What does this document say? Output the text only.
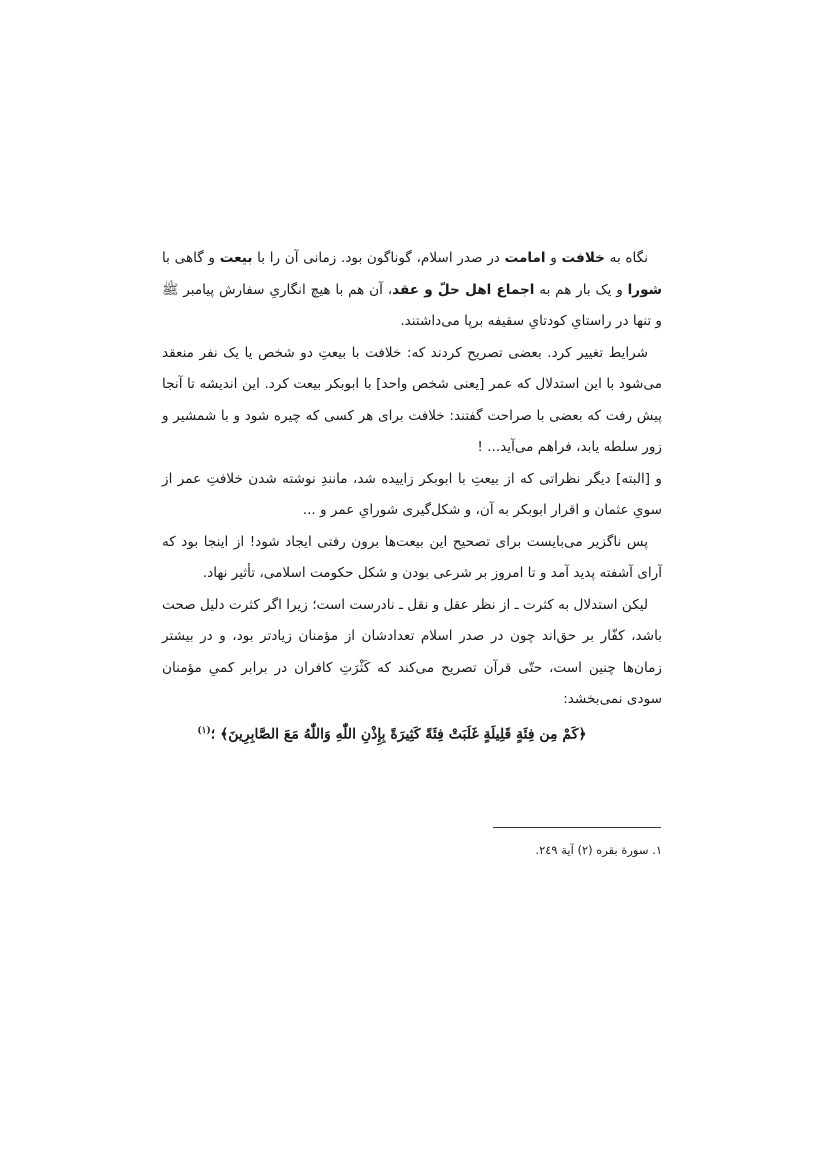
نگاه به خلافت و امامت در صدر اسلام، گوناگون بود. زمانی آن را با بیعت و گاهی با شورا و یک بار هم به اجماع اهل حلّ و عقد، آن هم با هیچ انگاریِ سفارش پیامبر ﷺ و تنها در راستایِ کودتایِ سقیفه برپا می‌داشتند.

شرایط تغییر کرد. بعضی تصریح کردند که: خلافت با بیعتِ دو شخص یا یک نفر منعقد می‌شود با این استدلال که عمر [یعنی شخص واحد] با ابوبکر بیعت کرد. این اندیشه تا آنجا پیش رفت که بعضی با صراحت گفتند: خلافت برای هر کسی که چیره شود و با شمشیر و زور سلطه یابد، فراهم می‌آید... !

و [البته] دیگر نظراتی که از بیعتِ با ابوبکر زاییده شد، مانندِ نوشته شدن خلافتِ عمر از سویِ عثمان و اقرار ابوبکر به آن، و شکل‌گیری شورایِ عمر و ...

پس ناگزیر می‌بایست برای تصحیح این بیعت‌ها برون رفتی ایجاد شود! از اینجا بود که آرای آشفته پدید آمد و تا امروز بر شرعی بودن و شکل حکومت اسلامی، تأثیر نهاد.

لیکن استدلال به کثرت ـ از نظر عقل و نقل ـ نادرست است؛ زیرا اگر کثرت دلیل صحت باشد، کفّار بر حق‌اند چون در صدر اسلام تعدادشان از مؤمنان زیادتر بود، و در بیشتر زمان‌ها چنین است، حتّی قرآن تصریح می‌کند که کَثْرَتِ کافران در برابر کمیِ مؤمنان سودی نمی‌بخشد:

﴿كَمْ مِن فِئَةٍ قَلِيلَةٍ غَلَبَتْ فِئَةً كَثِيرَةً بِإِذْنِ اللّٰهِ وَاللّٰهُ مَعَ الصَّابِرِينَ﴾ ؛$^{(١)}$

١. سورة بقره (٢) آیة ٢٤٩.
